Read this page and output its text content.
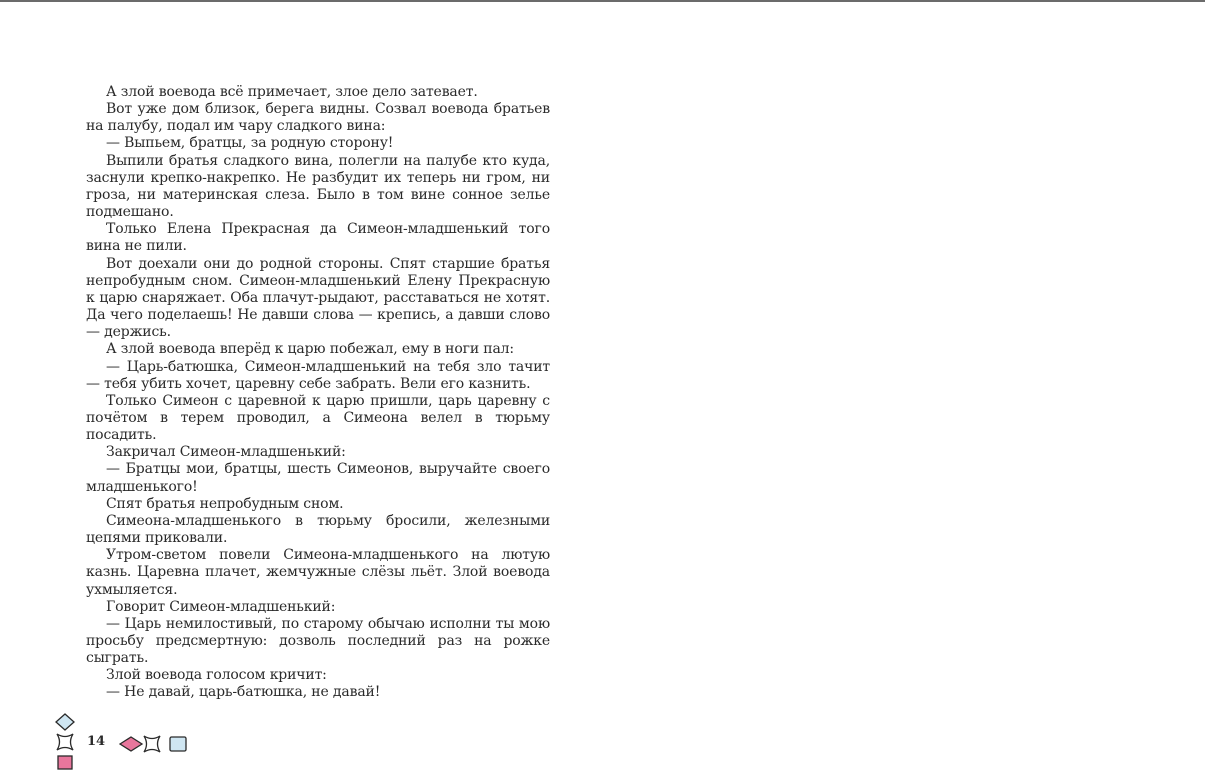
А злой воевода всё примечает, злое дело затевает.

Вот уже дом близок, берега видны. Созвал воевода братьев на палубу, подал им чару сладкого вина:

— Выпьем, братцы, за родную сторону!

Выпили братья сладкого вина, полегли на палубе кто куда, заснули крепко-накрепко. Не разбудит их теперь ни гром, ни гроза, ни материнская слеза. Было в том вине сонное зелье подмешано.

Только Елена Прекрасная да Симеон-младшенький того вина не пили.

Вот доехали они до родной стороны. Спят старшие братья непробудным сном. Симеон-младшенький Елену Прекрасную к царю снаряжает. Оба плачут-рыдают, расставаться не хотят. Да чего поделаешь! Не давши слова — крепись, а давши слово — держись.

А злой воевода вперёд к царю побежал, ему в ноги пал:

— Царь-батюшка, Симеон-младшенький на тебя зло тачит — тебя убить хочет, царевну себе забрать. Вели его казнить.

Только Симеон с царевной к царю пришли, царь царевну с почётом в терем проводил, а Симеона велел в тюрьму посадить.

Закричал Симеон-младшенький:

— Братцы мои, братцы, шесть Симеонов, выручайте своего младшенького!

Спят братья непробудным сном.

Симеона-младшенького в тюрьму бросили, железными цепями приковали.

Утром-светом повели Симеона-младшенького на лютую казнь. Царевна плачет, жемчужные слёзы льёт. Злой воевода ухмыляется.

Говорит Симеон-младшенький:

— Царь немилостивый, по старому обычаю исполни ты мою просьбу предсмертную: дозволь последний раз на рожке сыграть.

Злой воевода голосом кричит:

— Не давай, царь-батюшка, не давай!

14
